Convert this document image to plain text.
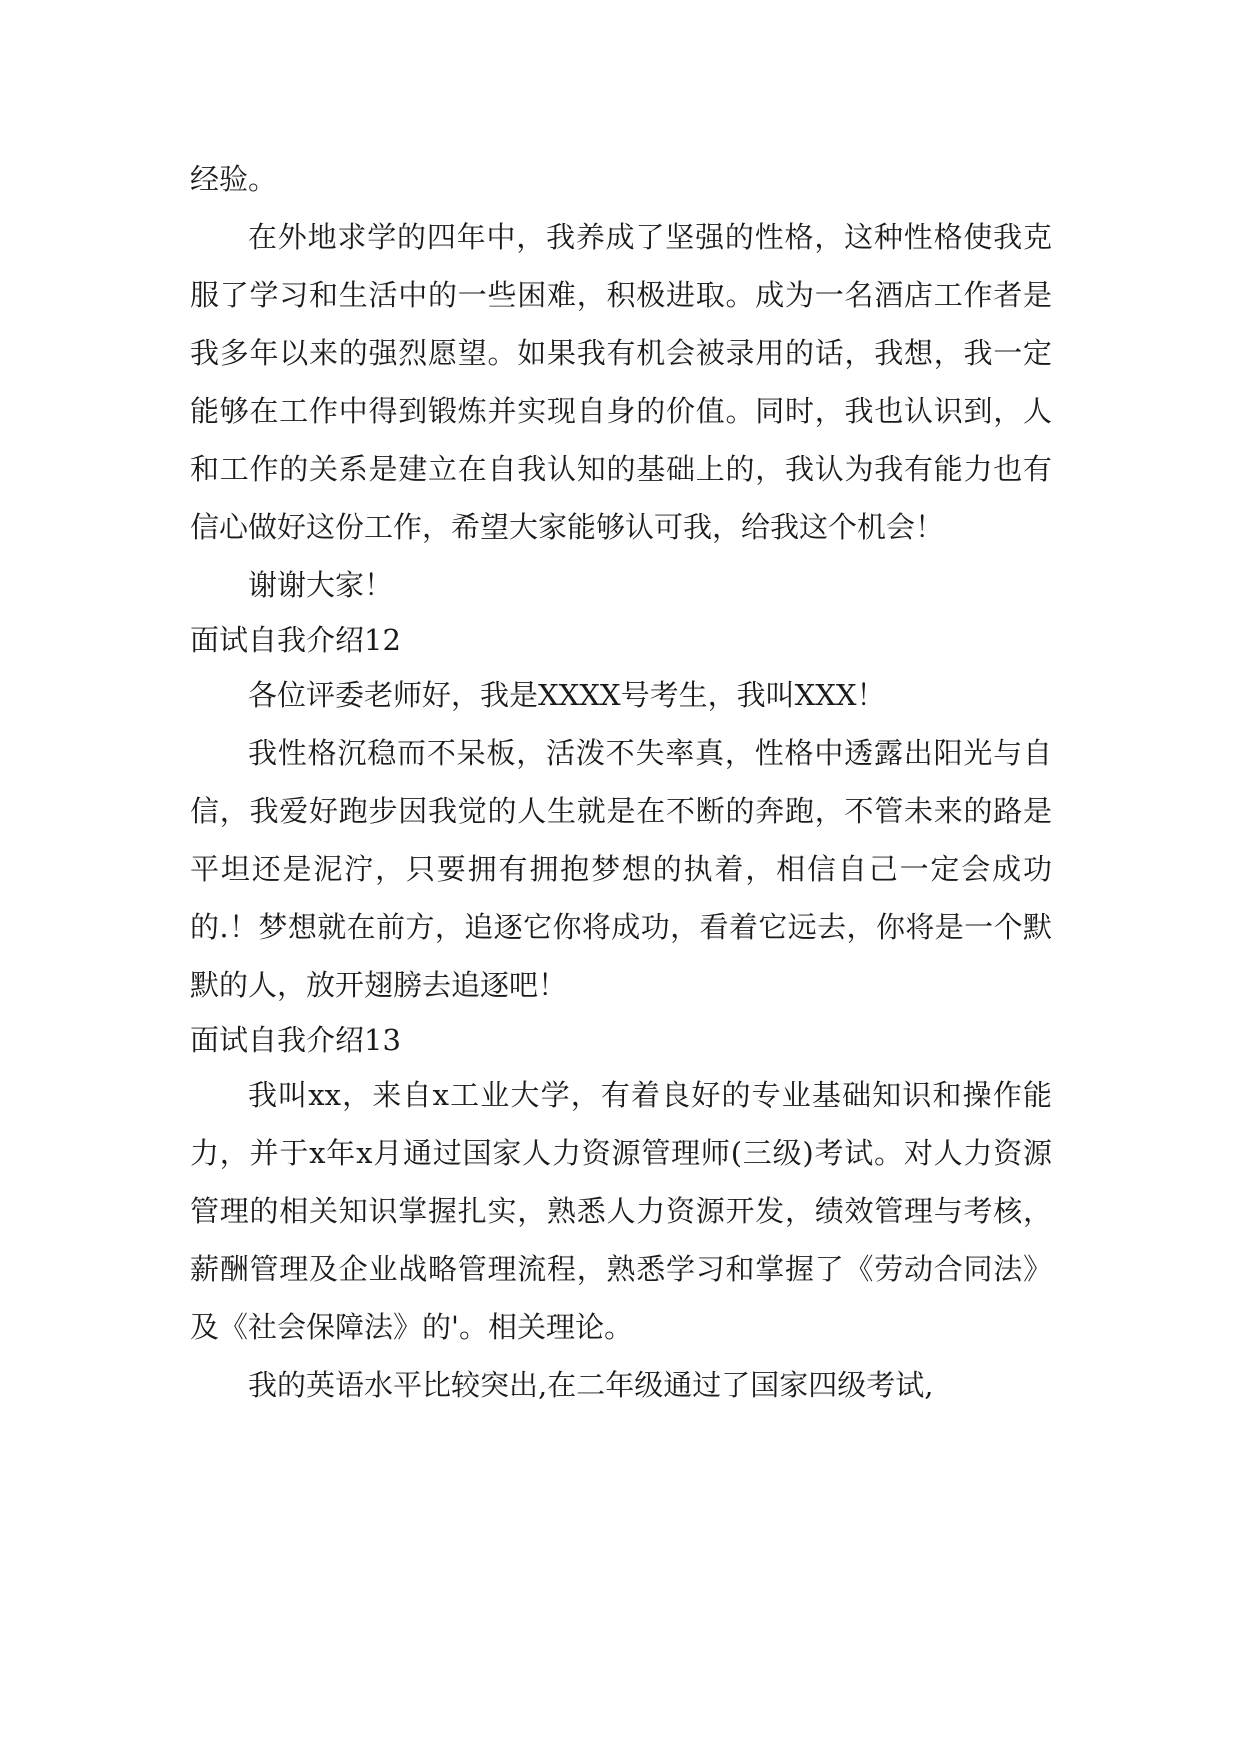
经验。

在外地求学的四年中，我养成了坚强的性格，这种性格使我克服了学习和生活中的一些困难，积极进取。成为一名酒店工作者是我多年以来的强烈愿望。如果我有机会被录用的话，我想，我一定能够在工作中得到锻炼并实现自身的价值。同时，我也认识到，人和工作的关系是建立在自我认知的基础上的，我认为我有能力也有信心做好这份工作，希望大家能够认可我，给我这个机会！

谢谢大家！

面试自我介绍12

各位评委老师好，我是XXXX号考生，我叫XXX！

我性格沉稳而不呆板，活泼不失率真，性格中透露出阳光与自信，我爱好跑步因我觉的人生就是在不断的奔跑，不管未来的路是平坦还是泥泞，只要拥有拥抱梦想的执着，相信自己一定会成功的.！梦想就在前方，追逐它你将成功，看着它远去，你将是一个默默的人，放开翅膀去追逐吧！

面试自我介绍13

我叫xx，来自x工业大学，有着良好的专业基础知识和操作能力，并于x年x月通过国家人力资源管理师(三级)考试。对人力资源管理的相关知识掌握扎实，熟悉人力资源开发，绩效管理与考核，薪酬管理及企业战略管理流程，熟悉学习和掌握了《劳动合同法》及《社会保障法》的'。相关理论。

我的英语水平比较突出,在二年级通过了国家四级考试,
